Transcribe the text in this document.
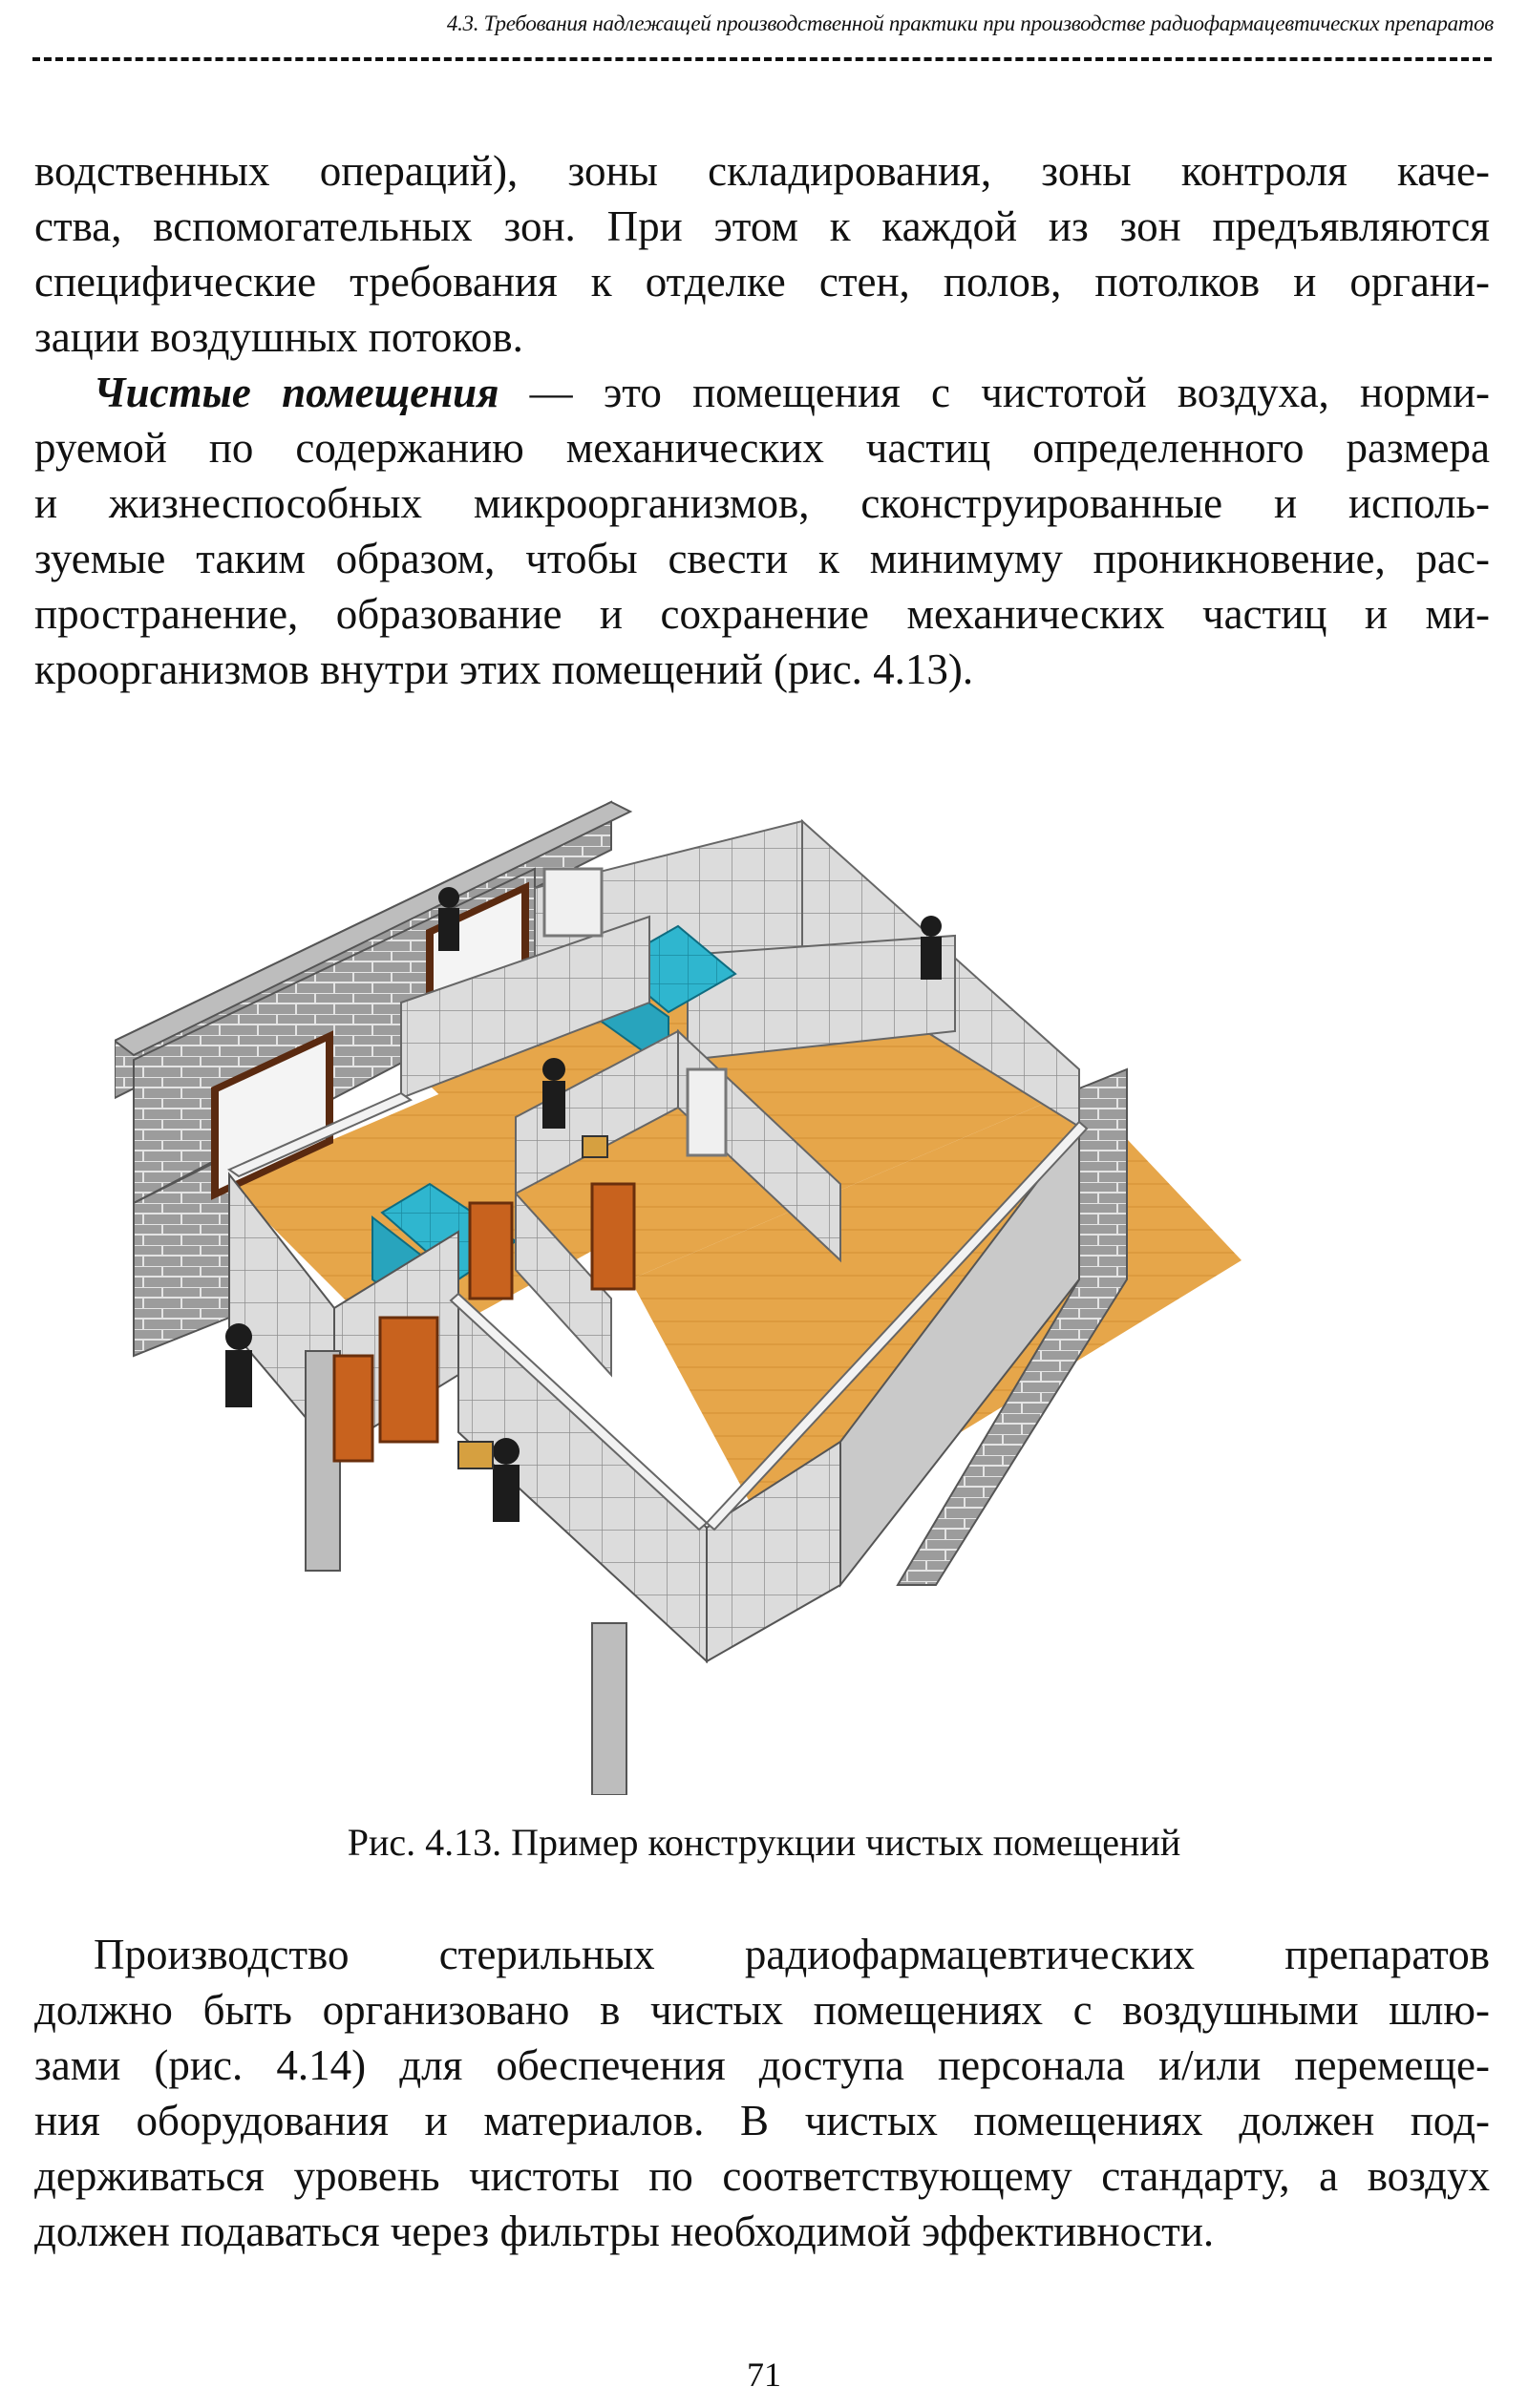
4.3. Требования надлежащей производственной практики при производстве радиофармацевтических препаратов
водственных операций), зоны складирования, зоны контроля каче-
ства, вспомогательных зон. При этом к каждой из зон предъявляются
специфические требования к отделке стен, полов, потолков и органи-
зации воздушных потоков.
Чистые помещения — это помещения с чистотой воздуха, норми-
руемой по содержанию механических частиц определенного размера
и жизнеспособных микроорганизмов, сконструированные и исполь-
зуемые таким образом, чтобы свести к минимуму проникновение, рас-
пространение, образование и сохранение механических частиц и ми-
кроорганизмов внутри этих помещений (рис. 4.13).
Рис. 4.13. Пример конструкции чистых помещений
Производство стерильных радиофармацевтических препаратов
должно быть организовано в чистых помещениях с воздушными шлю-
зами (рис. 4.14) для обеспечения доступа персонала и/или перемеще-
ния оборудования и материалов. В чистых помещениях должен под-
держиваться уровень чистоты по соответствующему стандарту, а воздух
должен подаваться через фильтры необходимой эффективности.
71
